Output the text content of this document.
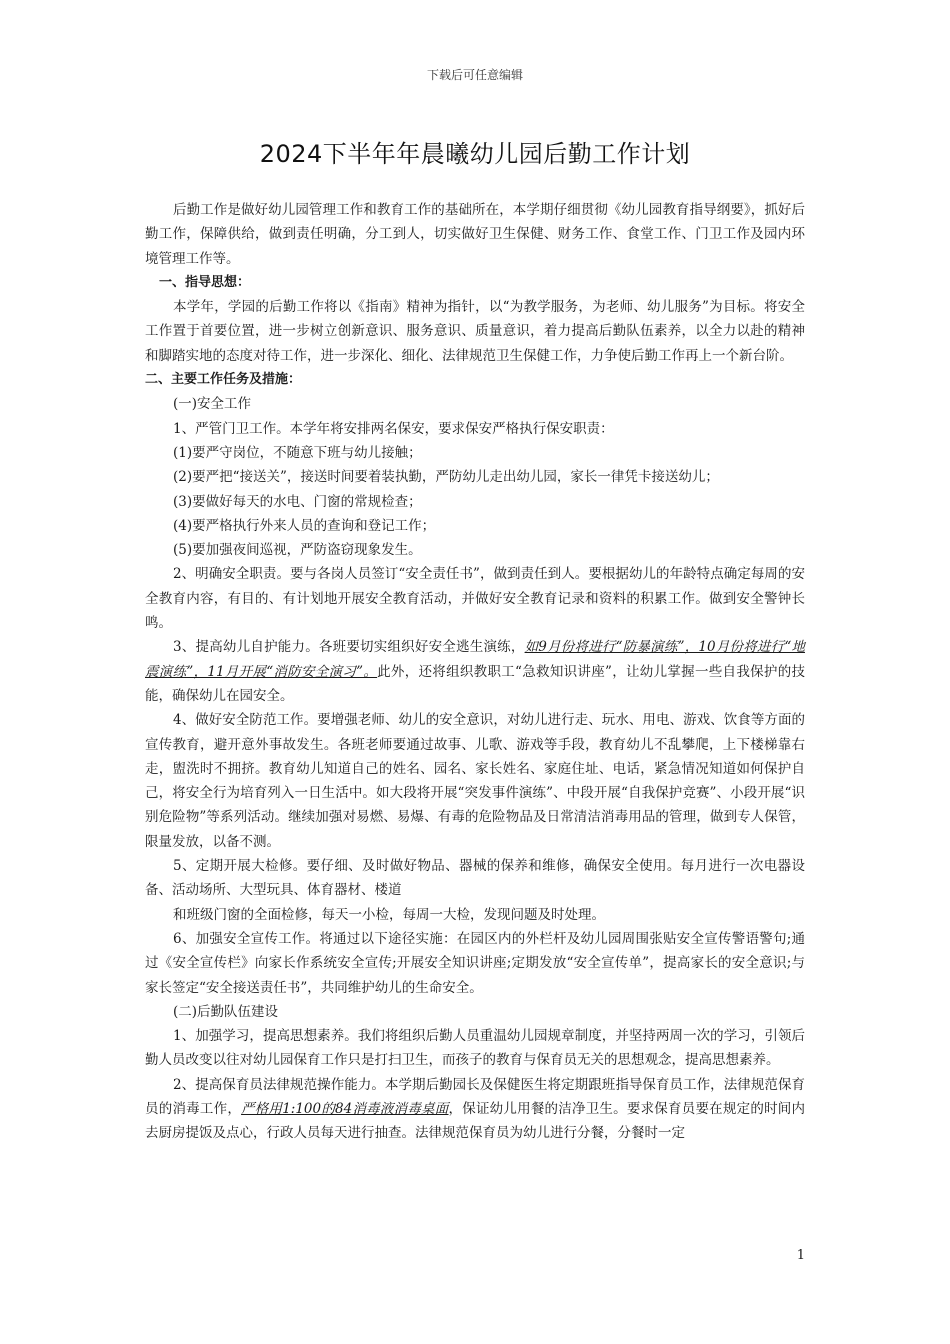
下载后可任意编辑
2024下半年年晨曦幼儿园后勤工作计划

后勤工作是做好幼儿园管理工作和教育工作的基础所在，本学期仔细贯彻《幼儿园教育指导纲要》，抓好后勤工作，保障供给，做到责任明确，分工到人，切实做好卫生保健、财务工作、食堂工作、门卫工作及园内环境管理工作等。

一、指导思想：

本学年，学园的后勤工作将以《指南》精神为指针，以“为教学服务，为老师、幼儿服务”为目标。将安全工作置于首要位置，进一步树立创新意识、服务意识、质量意识，着力提高后勤队伍素养，以全力以赴的精神和脚踏实地的态度对待工作，进一步深化、细化、法律规范卫生保健工作，力争使后勤工作再上一个新台阶。

二、主要工作任务及措施：

(一)安全工作

1、严管门卫工作。本学年将安排两名保安，要求保安严格执行保安职责：

(1)要严守岗位，不随意下班与幼儿接触；

(2)要严把“接送关”，接送时间要着装执勤，严防幼儿走出幼儿园，家长一律凭卡接送幼儿；

(3)要做好每天的水电、门窗的常规检查；

(4)要严格执行外来人员的查询和登记工作；

(5)要加强夜间巡视，严防盗窃现象发生。

2、明确安全职责。要与各岗人员签订“安全责任书”，做到责任到人。要根据幼儿的年龄特点确定每周的安全教育内容，有目的、有计划地开展安全教育活动，并做好安全教育记录和资料的积累工作。做到安全警钟长鸣。

3、提高幼儿自护能力。各班要切实组织好安全逃生演练，如9月份将进行“防暴演练”，10月份将进行“地震演练”，11月开展“消防安全演习”。此外，还将组织教职工“急救知识讲座”，让幼儿掌握一些自我保护的技能，确保幼儿在园安全。

4、做好安全防范工作。要增强老师、幼儿的安全意识，对幼儿进行走、玩水、用电、游戏、饮食等方面的宣传教育，避开意外事故发生。各班老师要通过故事、儿歌、游戏等手段，教育幼儿不乱攀爬，上下楼梯靠右走，盥洗时不拥挤。教育幼儿知道自己的姓名、园名、家长姓名、家庭住址、电话，紧急情况知道如何保护自己，将安全行为培育列入一日生活中。如大段将开展“突发事件演练”、中段开展“自我保护竞赛”、小段开展“识别危险物”等系列活动。继续加强对易燃、易爆、有毒的危险物品及日常清洁消毒用品的管理，做到专人保管，限量发放，以备不测。

5、定期开展大检修。要仔细、及时做好物品、器械的保养和维修，确保安全使用。每月进行一次电器设备、活动场所、大型玩具、体育器材、楼道

和班级门窗的全面检修，每天一小检，每周一大检，发现问题及时处理。

6、加强安全宣传工作。将通过以下途径实施：在园区内的外栏杆及幼儿园周围张贴安全宣传警语警句;通过《安全宣传栏》向家长作系统安全宣传;开展安全知识讲座;定期发放“安全宣传单”，提高家长的安全意识;与家长签定“安全接送责任书”，共同维护幼儿的生命安全。

(二)后勤队伍建设

1、加强学习，提高思想素养。我们将组织后勤人员重温幼儿园规章制度，并坚持两周一次的学习，引领后勤人员改变以往对幼儿园保育工作只是打扫卫生，而孩子的教育与保育员无关的思想观念，提高思想素养。

2、提高保育员法律规范操作能力。本学期后勤园长及保健医生将定期跟班指导保育员工作，法律规范保育员的消毒工作，严格用1:100的84消毒液消毒桌面，保证幼儿用餐的洁净卫生。要求保育员要在规定的时间内去厨房提饭及点心，行政人员每天进行抽查。法律规范保育员为幼儿进行分餐，分餐时一定

1
